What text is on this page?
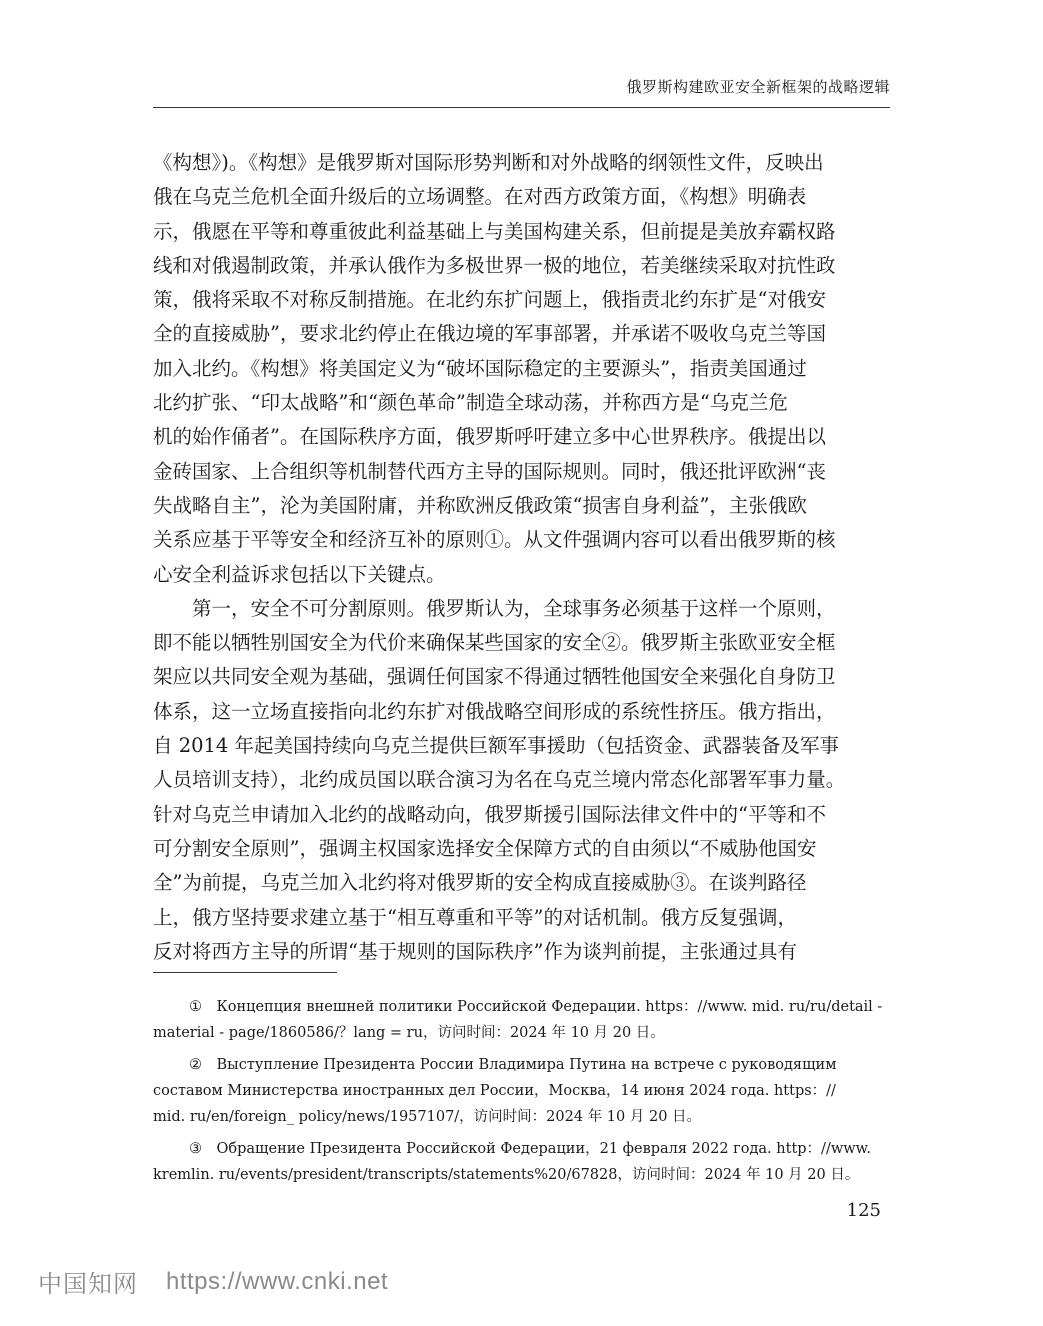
俄罗斯构建欧亚安全新框架的战略逻辑
《构想》)。《构想》是俄罗斯对国际形势判断和对外战略的纲领性文件，反映出
俄在乌克兰危机全面升级后的立场调整。在对西方政策方面，《构想》明确表
示，俄愿在平等和尊重彼此利益基础上与美国构建关系，但前提是美放弃霸权路
线和对俄遏制政策，并承认俄作为多极世界一极的地位，若美继续采取对抗性政
策，俄将采取不对称反制措施。在北约东扩问题上，俄指责北约东扩是“对俄安
全的直接威胁”，要求北约停止在俄边境的军事部署，并承诺不吸收乌克兰等国
加入北约。《构想》将美国定义为“破坏国际稳定的主要源头”，指责美国通过
北约扩张、“印太战略”和“颜色革命”制造全球动荡，并称西方是“乌克兰危
机的始作俑者”。在国际秩序方面，俄罗斯呼吁建立多中心世界秩序。俄提出以
金砖国家、上合组织等机制替代西方主导的国际规则。同时，俄还批评欧洲“丧
失战略自主”，沦为美国附庸，并称欧洲反俄政策“损害自身利益”，主张俄欧
关系应基于平等安全和经济互补的原则①。从文件强调内容可以看出俄罗斯的核
心安全利益诉求包括以下关键点。
　　第一，安全不可分割原则。俄罗斯认为，全球事务必须基于这样一个原则，
即不能以牺牲别国安全为代价来确保某些国家的安全②。俄罗斯主张欧亚安全框
架应以共同安全观为基础，强调任何国家不得通过牺牲他国安全来强化自身防卫
体系，这一立场直接指向北约东扩对俄战略空间形成的系统性挤压。俄方指出，
自 2014 年起美国持续向乌克兰提供巨额军事援助（包括资金、武器装备及军事
人员培训支持），北约成员国以联合演习为名在乌克兰境内常态化部署军事力量。
针对乌克兰申请加入北约的战略动向，俄罗斯援引国际法律文件中的“平等和不
可分割安全原则”，强调主权国家选择安全保障方式的自由须以“不威胁他国安
全”为前提，乌克兰加入北约将对俄罗斯的安全构成直接威胁③。在谈判路径
上，俄方坚持要求建立基于“相互尊重和平等”的对话机制。俄方反复强调，
反对将西方主导的所谓“基于规则的国际秩序”作为谈判前提，主张通过具有
①　Концепция внешней политики Российской Федерации. https：//www. mid. ru/ru/detail -
material - page/1860586/？lang = ru，访问时间：2024 年 10 月 20 日。
②　Выступление Президента России Владимира Путина на встрече с руководящим
составом Министерства иностранных дел России，Москва，14 июня 2024 года. https：//
mid. ru/en/foreign_ policy/news/1957107/，访问时间：2024 年 10 月 20 日。
③　Обращение Президента Российской Федерации，21 февраля 2022 года. http：//www.
kremlin. ru/events/president/transcripts/statements%20/67828，访问时间：2024 年 10 月 20 日。
125
中国知网 https://www.cnki.net
